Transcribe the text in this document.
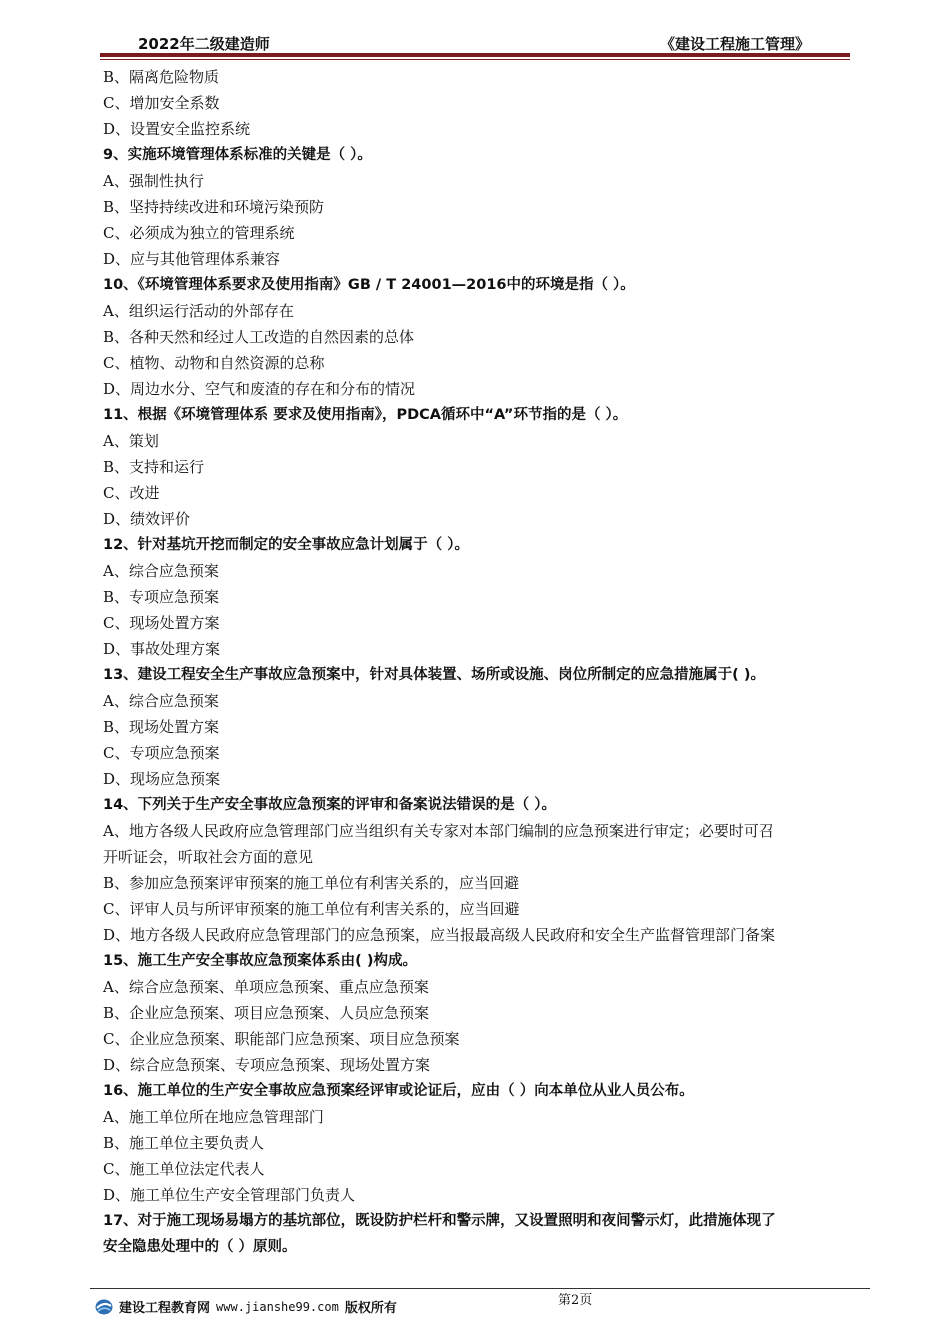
2022年二级建造师	《建设工程施工管理》
B、隔离危险物质
C、增加安全系数
D、设置安全监控系统
9、实施环境管理体系标准的关键是（ ）。
A、强制性执行
B、坚持持续改进和环境污染预防
C、必须成为独立的管理系统
D、应与其他管理体系兼容
10、《环境管理体系要求及使用指南》GB / T 24001—2016中的环境是指（ ）。
A、组织运行活动的外部存在
B、各种天然和经过人工改造的自然因素的总体
C、植物、动物和自然资源的总称
D、周边水分、空气和废渣的存在和分布的情况
11、根据《环境管理体系 要求及使用指南》，PDCA循环中“A”环节指的是（ ）。
A、策划
B、支持和运行
C、改进
D、绩效评价
12、针对基坑开挖而制定的安全事故应急计划属于（ ）。
A、综合应急预案
B、专项应急预案
C、现场处置方案
D、事故处理方案
13、建设工程安全生产事故应急预案中，针对具体装置、场所或设施、岗位所制定的应急措施属于( )。
A、综合应急预案
B、现场处置方案
C、专项应急预案
D、现场应急预案
14、下列关于生产安全事故应急预案的评审和备案说法错误的是（ ）。
A、地方各级人民政府应急管理部门应当组织有关专家对本部门编制的应急预案进行审定；必要时可召
开听证会，听取社会方面的意见
B、参加应急预案评审预案的施工单位有利害关系的，应当回避
C、评审人员与所评审预案的施工单位有利害关系的，应当回避
D、地方各级人民政府应急管理部门的应急预案，应当报最高级人民政府和安全生产监督管理部门备案
15、施工生产安全事故应急预案体系由( )构成。
A、综合应急预案、单项应急预案、重点应急预案
B、企业应急预案、项目应急预案、人员应急预案
C、企业应急预案、职能部门应急预案、项目应急预案
D、综合应急预案、专项应急预案、现场处置方案
16、施工单位的生产安全事故应急预案经评审或论证后，应由（ ）向本单位从业人员公布。
A、施工单位所在地应急管理部门
B、施工单位主要负责人
C、施工单位法定代表人
D、施工单位生产安全管理部门负责人
17、对于施工现场易塌方的基坑部位，既设防护栏杆和警示牌，又设置照明和夜间警示灯，此措施体现了
安全隐患处理中的（ ）原则。
第2页
建设工程教育网 www.jianshe99.com 版权所有
